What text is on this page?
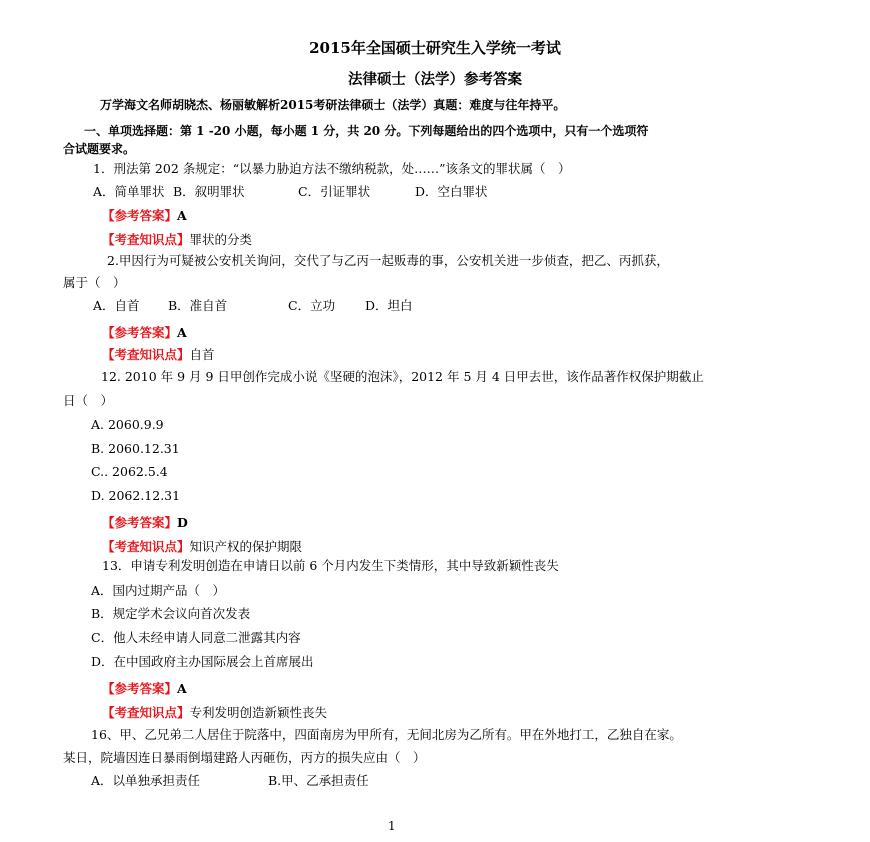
2015年全国硕士研究生入学统一考试
法律硕士（法学）参考答案
万学海文名师胡晓杰、杨丽敏解析2015考研法律硕士（法学）真题：难度与往年持平。
一、单项选择题：第 1 -20 小题，每小题 1 分，共 20 分。下列每题给出的四个选项中，只有一个选项符
合试题要求。
1．刑法第 202 条规定：“以暴力胁迫方法不缴纳税款，处……”该条文的罪状属（　）
A．简单罪状 B．叙明罪状	C．引证罪状	D．空白罪状
【参考答案】A
【考查知识点】罪状的分类
2.甲因行为可疑被公安机关询问，交代了与乙丙一起贩毒的事，公安机关进一步侦查，把乙、丙抓获，
属于（　）
A．自首 B．准自首	C．立功 D．坦白
【参考答案】A
【考查知识点】自首
12. 2010 年 9 月 9 日甲创作完成小说《坚硬的泡沫》，2012 年 5 月 4 日甲去世，该作品著作权保护期截止
日（　）
A. 2060.9.9
B. 2060.12.31
C.. 2062.5.4
D. 2062.12.31
【参考答案】D
【考查知识点】知识产权的保护期限
13．申请专利发明创造在申请日以前 6 个月内发生下类情形，其中导致新颖性丧失
A．国内过期产品（　）
B．规定学术会议向首次发表
C．他人未经申请人同意二泄露其内容
D．在中国政府主办国际展会上首席展出
【参考答案】A
【考查知识点】专利发明创造新颖性丧失
16、甲、乙兄弟二人居住于院落中，四面南房为甲所有，无间北房为乙所有。甲在外地打工，乙独自在家。
某日，院墙因连日暴雨倒塌建路人丙砸伤，丙方的损失应由（　）
A．以单独承担责任	B.甲、乙承担责任
1
